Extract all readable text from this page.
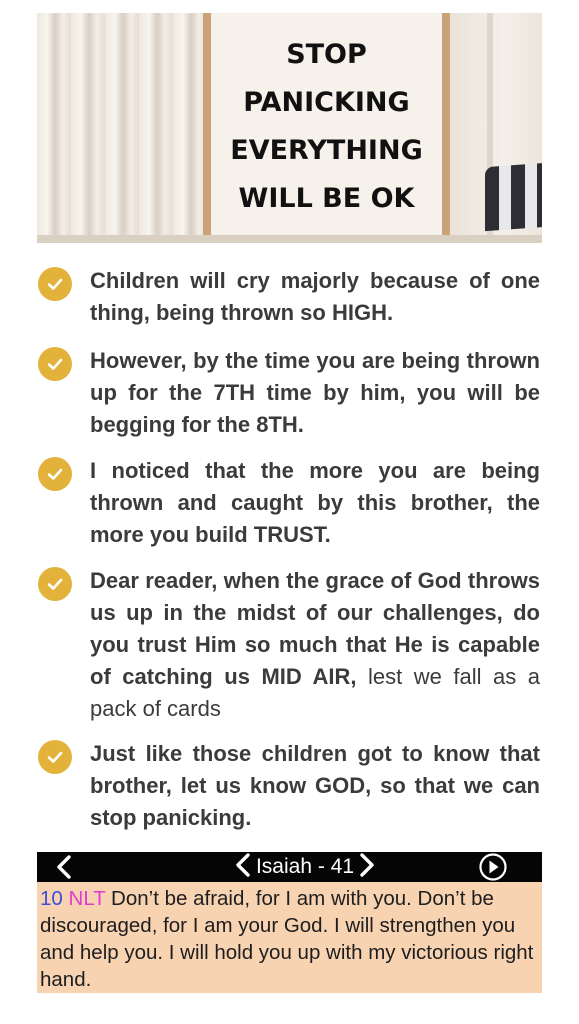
STOP
PANICKING
EVERYTHING
WILL BE OK
Children will cry majorly because of one thing, being thrown so HIGH.
However, by the time you are being thrown up for the 7TH time by him, you will be begging for the 8TH.
I noticed that the more you are being thrown and caught by this brother, the more you build TRUST.
Dear reader, when the grace of God throws us up in the midst of our challenges, do you trust Him so much that He is capable of catching us MID AIR, lest we fall as a pack of cards
Just like those children got to know that brother, let us know GOD, so that we can stop panicking.
Isaiah - 41
10 NLT Don’t be afraid, for I am with you. Don’t be discouraged, for I am your God. I will strengthen you and help you. I will hold you up with my victorious right hand.
